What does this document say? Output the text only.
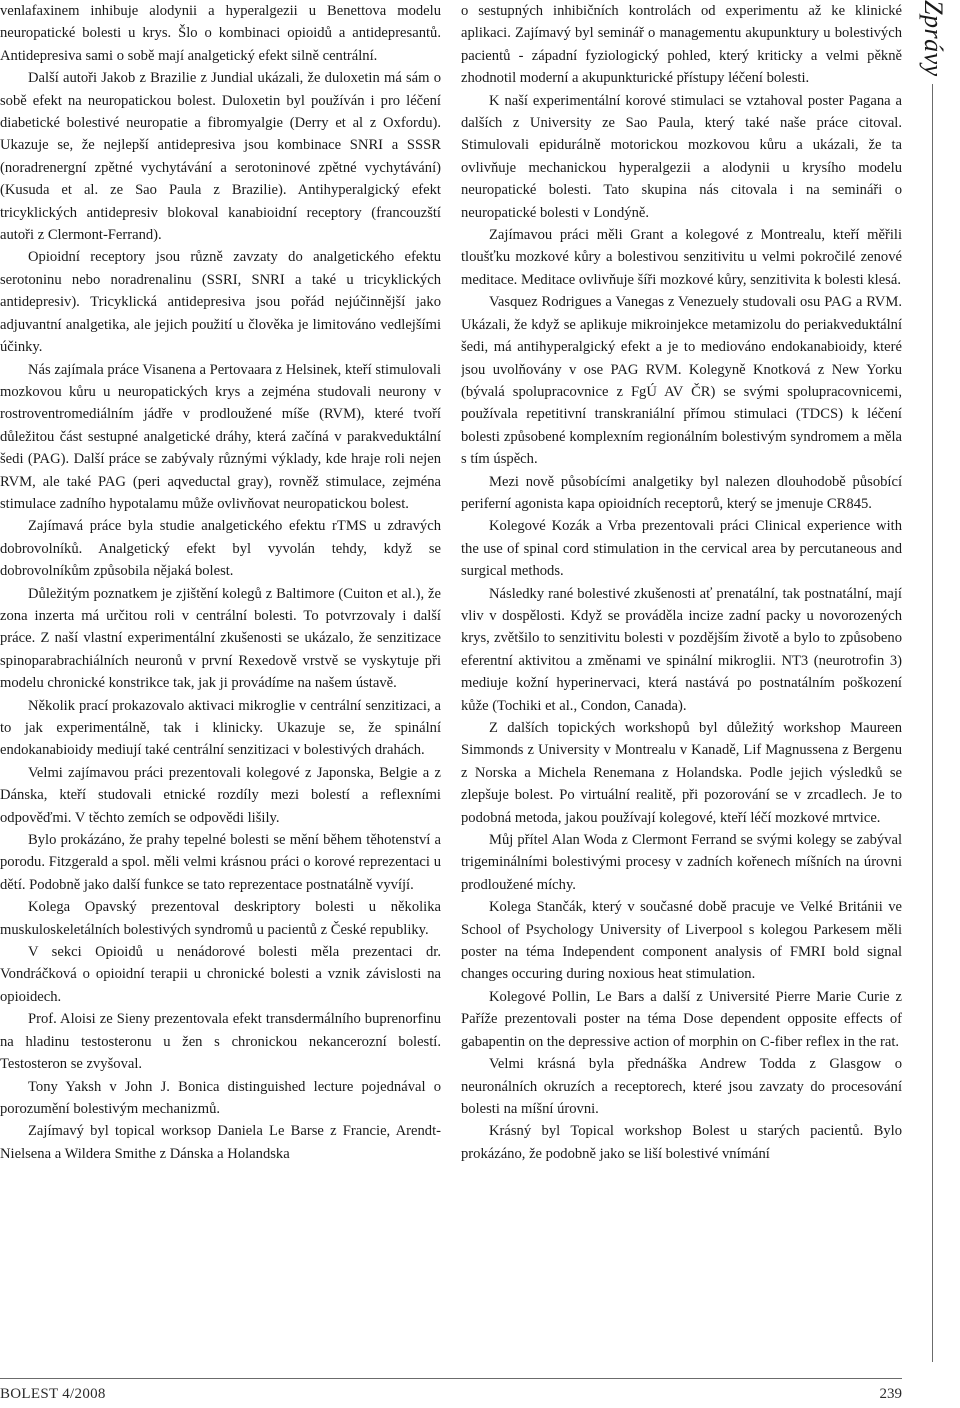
venlafaxinem inhibuje alodynii a hyperalgezii u Benettova modelu neuropatické bolesti u krys. Šlo o kombinaci opioidů a antidepresantů. Antidepresiva sami o sobě mají analgetický efekt silně centrální.

Další autoři Jakob z Brazilie z Jundial ukázali, že duloxetin má sám o sobě efekt na neuropatickou bolest. Duloxetin byl používán i pro léčení diabetické bolestivé neuropatie a fibromyalgie (Derry et al z Oxfordu). Ukazuje se, že nejlepší antidepresiva jsou kombinace SNRI a SSSR (noradrenergní zpětné vychytávání a serotoninové zpětné vychytávání) (Kusuda et al. ze Sao Paula z Brazilie). Antihyperalgický efekt tricyklických antidepresiv blokoval kanabioidní receptory (francouzští autoři z Clermont-Ferrand).

Opioidní receptory jsou různě zavzaty do analgetického efektu serotoninu nebo noradrenalinu (SSRI, SNRI a také u tricyklických antidepresiv). Tricyklická antidepresiva jsou pořád nejúčinnější jako adjuvantní analgetika, ale jejich použití u člověka je limitováno vedlejšími účinky.

Nás zajímala práce Visanena a Pertovaara z Helsinek, kteří stimulovali mozkovou kůru u neuropatických krys a zejména studovali neurony v rostroventromediálním jádře v prodloužené míše (RVM), které tvoří důležitou část sestupné analgetické dráhy, která začíná v parakveduktální šedi (PAG). Další práce se zabývaly různými výklady, kde hraje roli nejen RVM, ale také PAG (peri aqveductal gray), rovněž stimulace, zejména stimulace zadního hypotalamu může ovlivňovat neuropatickou bolest.

Zajímavá práce byla studie analgetického efektu rTMS u zdravých dobrovolníků. Analgetický efekt byl vyvolán tehdy, když se dobrovolníkům způsobila nějaká bolest.

Důležitým poznatkem je zjištění kolegů z Baltimore (Cuiton et al.), že zona inzerta má určitou roli v centrální bolesti. To potvrzovaly i další práce. Z naší vlastní experimentální zkušenosti se ukázalo, že senzitizace spinoparabrachiálních neuronů v první Rexedově vrstvě se vyskytuje při modelu chronické konstrikce tak, jak ji provádíme na našem ústavě.

Několik prací prokazovalo aktivaci mikroglie v centrální senzitizaci, a to jak experimentálně, tak i klinicky. Ukazuje se, že spinální endokanabioidy mediují také centrální senzitizaci v bolestivých drahách.

Velmi zajímavou práci prezentovali kolegové z Japonska, Belgie a z Dánska, kteří studovali etnické rozdíly mezi bolestí a reflexními odpověďmi. V těchto zemích se odpovědi lišily.

Bylo prokázáno, že prahy tepelné bolesti se mění během těhotenství a porodu. Fitzgerald a spol. měli velmi krásnou práci o korové reprezentaci u dětí. Podobně jako další funkce se tato reprezentace postnatálně vyvíjí.

Kolega Opavský prezentoval deskriptory bolesti u několika muskuloskeletálních bolestivých syndromů u pacientů z České republiky.

V sekci Opioidů u nenádorové bolesti měla prezentaci dr. Vondráčková o opioidní terapii u chronické bolesti a vznik závislosti na opioidech.

Prof. Aloisi ze Sieny prezentovala efekt transdermálního buprenorfinu na hladinu testosteronu u žen s chronickou nekancerozní bolestí. Testosteron se zvyšoval.

Tony Yaksh v John J. Bonica distinguished lecture pojednával o porozumění bolestivým mechanizmů.

Zajímavý byl topical worksop Daniela Le Barse z Francie, Arendt-Nielsena a Wildera Smithe z Dánska a Holandska

o sestupných inhibičních kontrolách od experimentu až ke klinické aplikaci. Zajímavý byl seminář o managementu akupunktury u bolestivých pacientů - západní fyziologický pohled, který kriticky a velmi pěkně zhodnotil moderní a akupunkturické přístupy léčení bolesti.

K naší experimentální korové stimulaci se vztahoval poster Pagana a dalších z University ze Sao Paula, který také naše práce citoval. Stimulovali epidurálně motorickou mozkovou kůru a ukázali, že ta ovlivňuje mechanickou hyperalgezii a alodynii u krysího modelu neuropatické bolesti. Tato skupina nás citovala i na semináři o neuropatické bolesti v Londýně.

Zajímavou práci měli Grant a kolegové z Montrealu, kteří měřili tloušťku mozkové kůry a bolestivou senzitivitu u velmi pokročilé zenové meditace. Meditace ovlivňuje šíři mozkové kůry, senzitivita k bolesti klesá.

Vasquez Rodrigues a Vanegas z Venezuely studovali osu PAG a RVM. Ukázali, že když se aplikuje mikroinjekce metamizolu do periakveduktální šedi, má antihyperalgický efekt a je to mediováno endokanabioidy, které jsou uvolňovány v ose PAG RVM. Kolegyně Knotková z New Yorku (bývalá spolupracovnice z FgÚ AV ČR) se svými spolupracovnicemi, používala repetitivní transkraniální přímou stimulaci (TDCS) k léčení bolesti způsobené komplexním regionálním bolestivým syndromem a měla s tím úspěch.

Mezi nově působícími analgetiky byl nalezen dlouhodobě působící periferní agonista kapa opioidních receptorů, který se jmenuje CR845.

Kolegové Kozák a Vrba prezentovali práci Clinical experience with the use of spinal cord stimulation in the cervical area by percutaneous and surgical methods.

Následky rané bolestivé zkušenosti ať prenatální, tak postnatální, mají vliv v dospělosti. Když se prováděla incize zadní packy u novorozených krys, zvětšilo to senzitivitu bolesti v pozdějším životě a bylo to způsobeno eferentní aktivitou a změnami ve spinální mikroglii. NT3 (neurotrofin 3) mediuje kožní hyperinervaci, která nastává po postnatálním poškození kůže (Tochiki et al., Condon, Canada).

Z dalších topických workshopů byl důležitý workshop Maureen Simmonds z University v Montrealu v Kanadě, Lif Magnussena z Bergenu z Norska a Michela Renemana z Holandska. Podle jejich výsledků se zlepšuje bolest. Po virtuální realitě, při pozorování se v zrcadlech. Je to podobná metoda, jakou používají kolegové, kteří léčí mozkové mrtvice.

Můj přítel Alan Woda z Clermont Ferrand se svými kolegy se zabýval trigeminálními bolestivými procesy v zadních kořenech míšních na úrovni prodloužené míchy.

Kolega Stančák, který v současné době pracuje ve Velké Británii ve School of Psychology University of Liverpool s kolegou Parkesem měli poster na téma Independent component analysis of FMRI bold signal changes occuring during noxious heat stimulation.

Kolegové Pollin, Le Bars a další z Université Pierre Marie Curie z Paříže prezentovali poster na téma Dose dependent opposite effects of gabapentin on the depressive action of morphin on C-fiber reflex in the rat.

Velmi krásná byla přednáška Andrew Todda z Glasgow o neuronálních okruzích a receptorech, které jsou zavzaty do procesování bolesti na míšní úrovni.

Krásný byl Topical workshop Bolest u starých pacientů. Bylo prokázáno, že podobně jako se liší bolestivé vnímání

Zprávy
BOLEST 4/2008	239
